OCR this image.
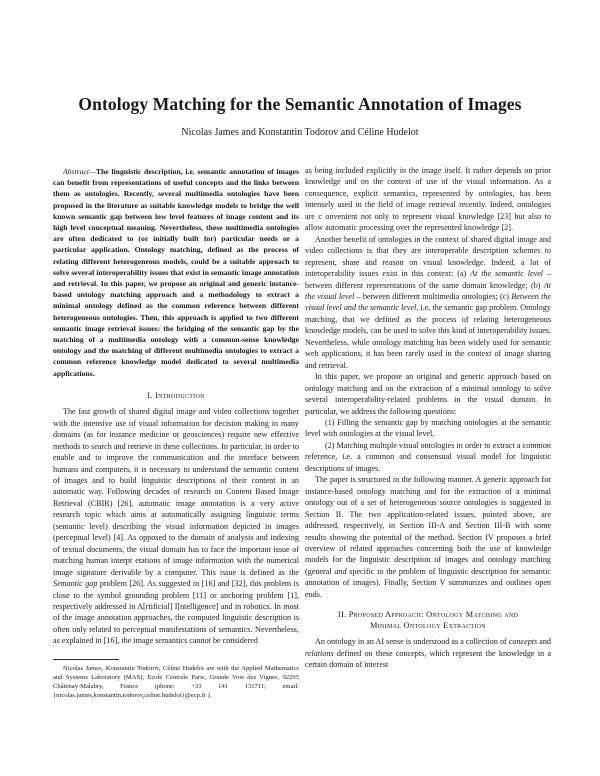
Ontology Matching for the Semantic Annotation of Images
Nicolas James and Konstantin Todorov and Céline Hudelot

Abstract—The linguistic description, i.e. semantic annotation of images can benefit from representations of useful concepts and the links between them as ontologies. Recently, several multimedia ontologies have been proposed in the literature as suitable knowledge models to bridge the well known semantic gap between low level features of image content and its high level conceptual meaning. Nevertheless, these multimedia ontologies are often dedicated to (or initially built for) particular needs or a particular application. Ontology matching, defined as the process of relating different heterogeneous models, could be a suitable approach to solve several interoperability issues that exist in semantic image annotation and retrieval. In this paper, we propose an original and generic instance-based ontology matching approach and a methodology to extract a minimal ontology defined as the common reference between different heterogeneous ontologies. Then, this approach is applied to two different semantic image retrieval issues: the bridging of the semantic gap by the matching of a multimedia ontology with a common-sense knowledge ontology and the matching of different multimedia ontologies to extract a common reference knowledge model dedicated to several multimedia applications.

I. Introduction

The fast growth of shared digital image and video collections together with the intensive use of visual information for decision making in many domains (as for instance medicine or geosciences) require new effective methods to search and retrieve in these collections. In particular, in order to enable and to improve the communication and the interface between humans and computers, it is necessary to understand the semantic content of images and to build linguistic descriptions of their content in an automatic way. Following decades of research on Content Based Image Retrieval (CBIR) [26], automatic image annotation is a very active research topic which aims at automatically assigning linguistic terms (semantic level) describing the visual information depicted in images (perceptual level) [4]. As opposed to the domain of analysis and indexing of textual documents, the visual domain has to face the important issue of matching human interpr etations of image information with the numerical image signature derivable by a computer. This issue is defined as the Semantic gap problem [26]. As suggested in [16] and [32], this problem is close to the symbol grounding problem [11] or anchoring problem [1], respectively addressed in A[rtificial] I[ntelligence] and in robotics. In most of the image annotation approaches, the computed linguistic description is often only related to perceptual manifestations of semantics. Nevertheless, as explained in [16], the image semantics cannot be considered

Nicolas James, Konstantin Todorov, Céline Hudelot are with the Applied Mathematics and Systems Laboratory (MAS), Ecole Centrale Paris, Grande Voie des Vignes, 92295 Châtenay-Malabry, France (phone: +33 141 131711; email: {nicolas.james,konstantin.todorov,celine.hudelot}@ecp.fr ).

as being included explicitly in the image itself. It rather depends on prior knowledge and on the context of use of the visual information. As a consequence, explicit semantics, represented by ontologies, has been intensely used in the field of image retrieval recently. Indeed, ontologies are c onvenient not only to represent visual knowledge [23] but also to allow automatic processing over the represented knowledge [2].

Another benefit of ontologies in the context of shared digital image and video collections is that they are interoperable description schemes to represent, share and reason on visual knowledge. Indeed, a lot of interoperability issues exist in this context: (a) At the semantic level – between different representations of the same domain knowledge; (b) At the visual level – between different multimedia ontologies; (c) Between the visual level and the semantic level, i.e. the semantic gap problem. Ontology matching, that we defined as the process of relating heterogeneous knowledge models, can be used to solve this kind of interoperability issues. Nevertheless, while ontology matching has been widely used for semantic web applications, it has been rarely used in the context of image sharing and retrieval.

In this paper, we propose an original and generic approach based on ontology matching and on the extraction of a minimal ontology to solve several interoperability-related problems in the visual domain. In particular, we address the following questions:

(1) Filling the semantic gap by matching ontologies at the semantic level with ontologies at the visual level.

(2) Matching multiple visual ontologies in order to extract a common reference, i.e. a common and consensual visual model for linguistic descriptions of images.

The paper is structured in the following manner. A generic approach for instance-based ontology matching and for the extraction of a minimal ontology out of a set of heterogeneous source ontologies is suggested in Section II. The two application-related issues, pointed above, are addressed, respectively, in Section III-A and Section III-B with some results showing the potential of the method. Section IV proposes a brief overview of related approaches concerning both the use of knowledge models for the linguistic description of images and ontology matching (general and specific to the problem of linguistic description for semantic annotation of images). Finally, Section V summarizes and outlines open ends.

II. Proposed Approach: Ontology Matching and
Minimal Ontology Extraction

An ontology in an AI sense is understood as a collection of concepts and relations defined on these concepts, which represent the knowledge in a certain domain of interest
